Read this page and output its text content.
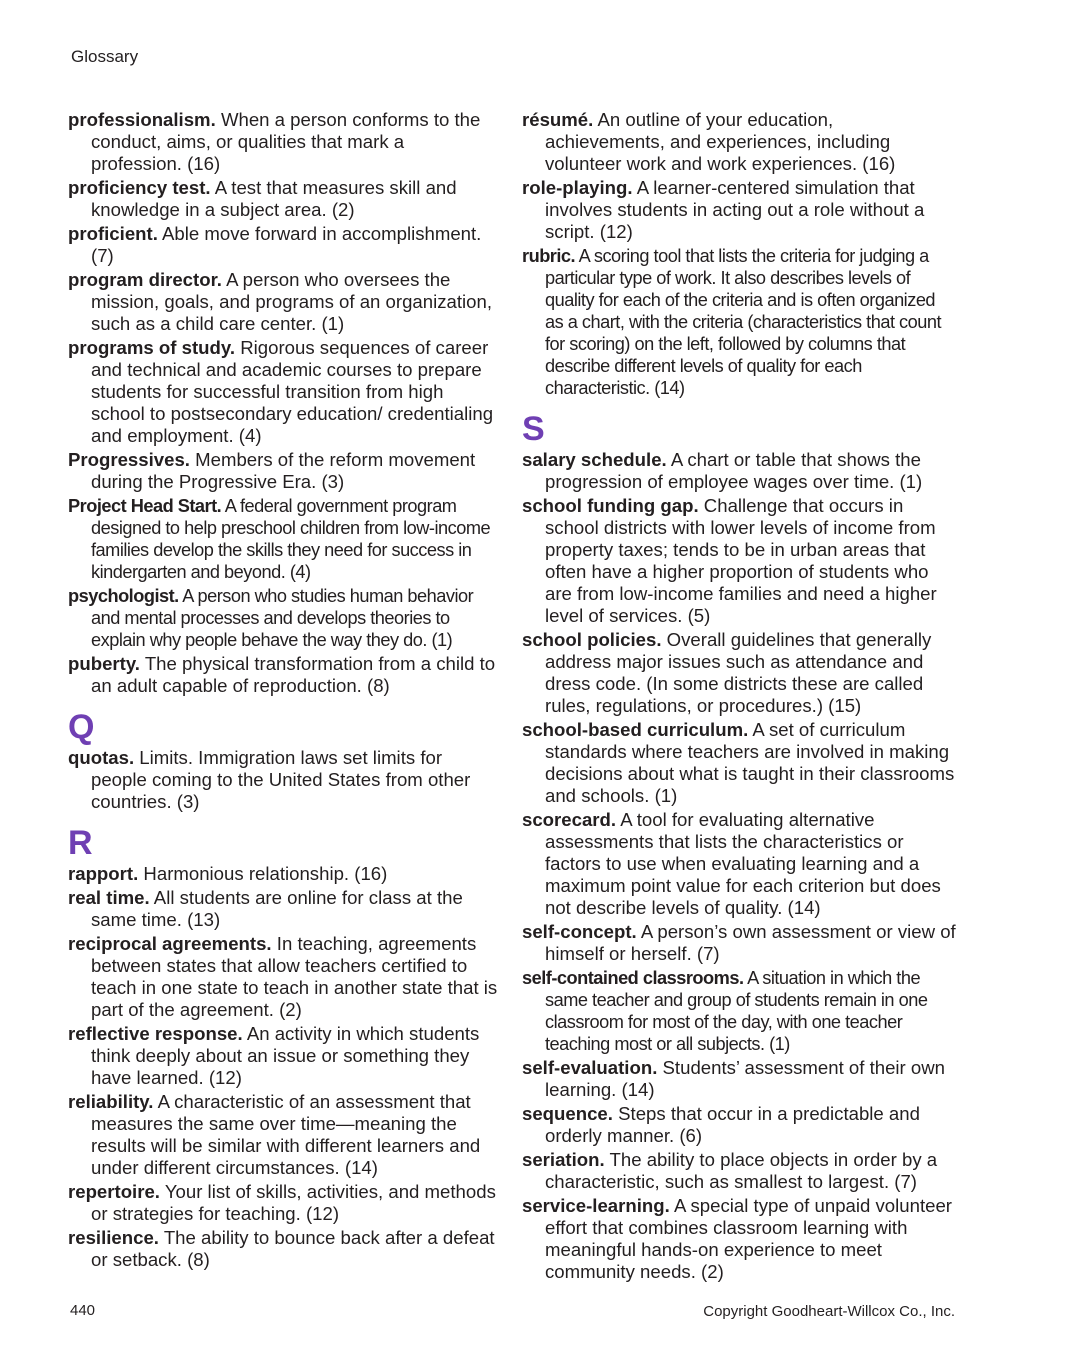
Glossary

professionalism. When a person conforms to the conduct, aims, or qualities that mark a profession. (16)

proficiency test. A test that measures skill and knowledge in a subject area. (2)

proficient. Able move forward in accomplishment. (7)

program director. A person who oversees the mission, goals, and programs of an organization, such as a child care center. (1)

programs of study. Rigorous sequences of career and technical and academic courses to prepare students for successful transition from high school to postsecondary education/ credentialing and employment. (4)

Progressives. Members of the reform movement during the Progressive Era. (3)

Project Head Start. A federal government program designed to help preschool children from low-income families develop the skills they need for success in kindergarten and beyond. (4)

psychologist. A person who studies human behavior and mental processes and develops theories to explain why people behave the way they do. (1)

puberty. The physical transformation from a child to an adult capable of reproduction. (8)

Q

quotas. Limits. Immigration laws set limits for people coming to the United States from other countries. (3)

R

rapport. Harmonious relationship. (16)

real time. All students are online for class at the same time. (13)

reciprocal agreements. In teaching, agreements between states that allow teachers certified to teach in one state to teach in another state that is part of the agreement. (2)

reflective response. An activity in which students think deeply about an issue or something they have learned. (12)

reliability. A characteristic of an assessment that measures the same over time—meaning the results will be similar with different learners and under different circumstances. (14)

repertoire. Your list of skills, activities, and methods or strategies for teaching. (12)

resilience. The ability to bounce back after a defeat or setback. (8)

résumé. An outline of your education, achievements, and experiences, including volunteer work and work experiences. (16)

role-playing. A learner-centered simulation that involves students in acting out a role without a script. (12)

rubric. A scoring tool that lists the criteria for judging a particular type of work. It also describes levels of quality for each of the criteria and is often organized as a chart, with the criteria (characteristics that count for scoring) on the left, followed by columns that describe different levels of quality for each characteristic. (14)

S

salary schedule. A chart or table that shows the progression of employee wages over time. (1)

school funding gap. Challenge that occurs in school districts with lower levels of income from property taxes; tends to be in urban areas that often have a higher proportion of students who are from low-income families and need a higher level of services. (5)

school policies. Overall guidelines that generally address major issues such as attendance and dress code. (In some districts these are called rules, regulations, or procedures.) (15)

school-based curriculum. A set of curriculum standards where teachers are involved in making decisions about what is taught in their classrooms and schools. (1)

scorecard. A tool for evaluating alternative assessments that lists the characteristics or factors to use when evaluating learning and a maximum point value for each criterion but does not describe levels of quality. (14)

self-concept. A person’s own assessment or view of himself or herself. (7)

self-contained classrooms. A situation in which the same teacher and group of students remain in one classroom for most of the day, with one teacher teaching most or all subjects. (1)

self-evaluation. Students’ assessment of their own learning. (14)

sequence. Steps that occur in a predictable and orderly manner. (6)

seriation. The ability to place objects in order by a characteristic, such as smallest to largest. (7)

service-learning. A special type of unpaid volunteer effort that combines classroom learning with meaningful hands-on experience to meet community needs. (2)

440	Copyright Goodheart-Willcox Co., Inc.
